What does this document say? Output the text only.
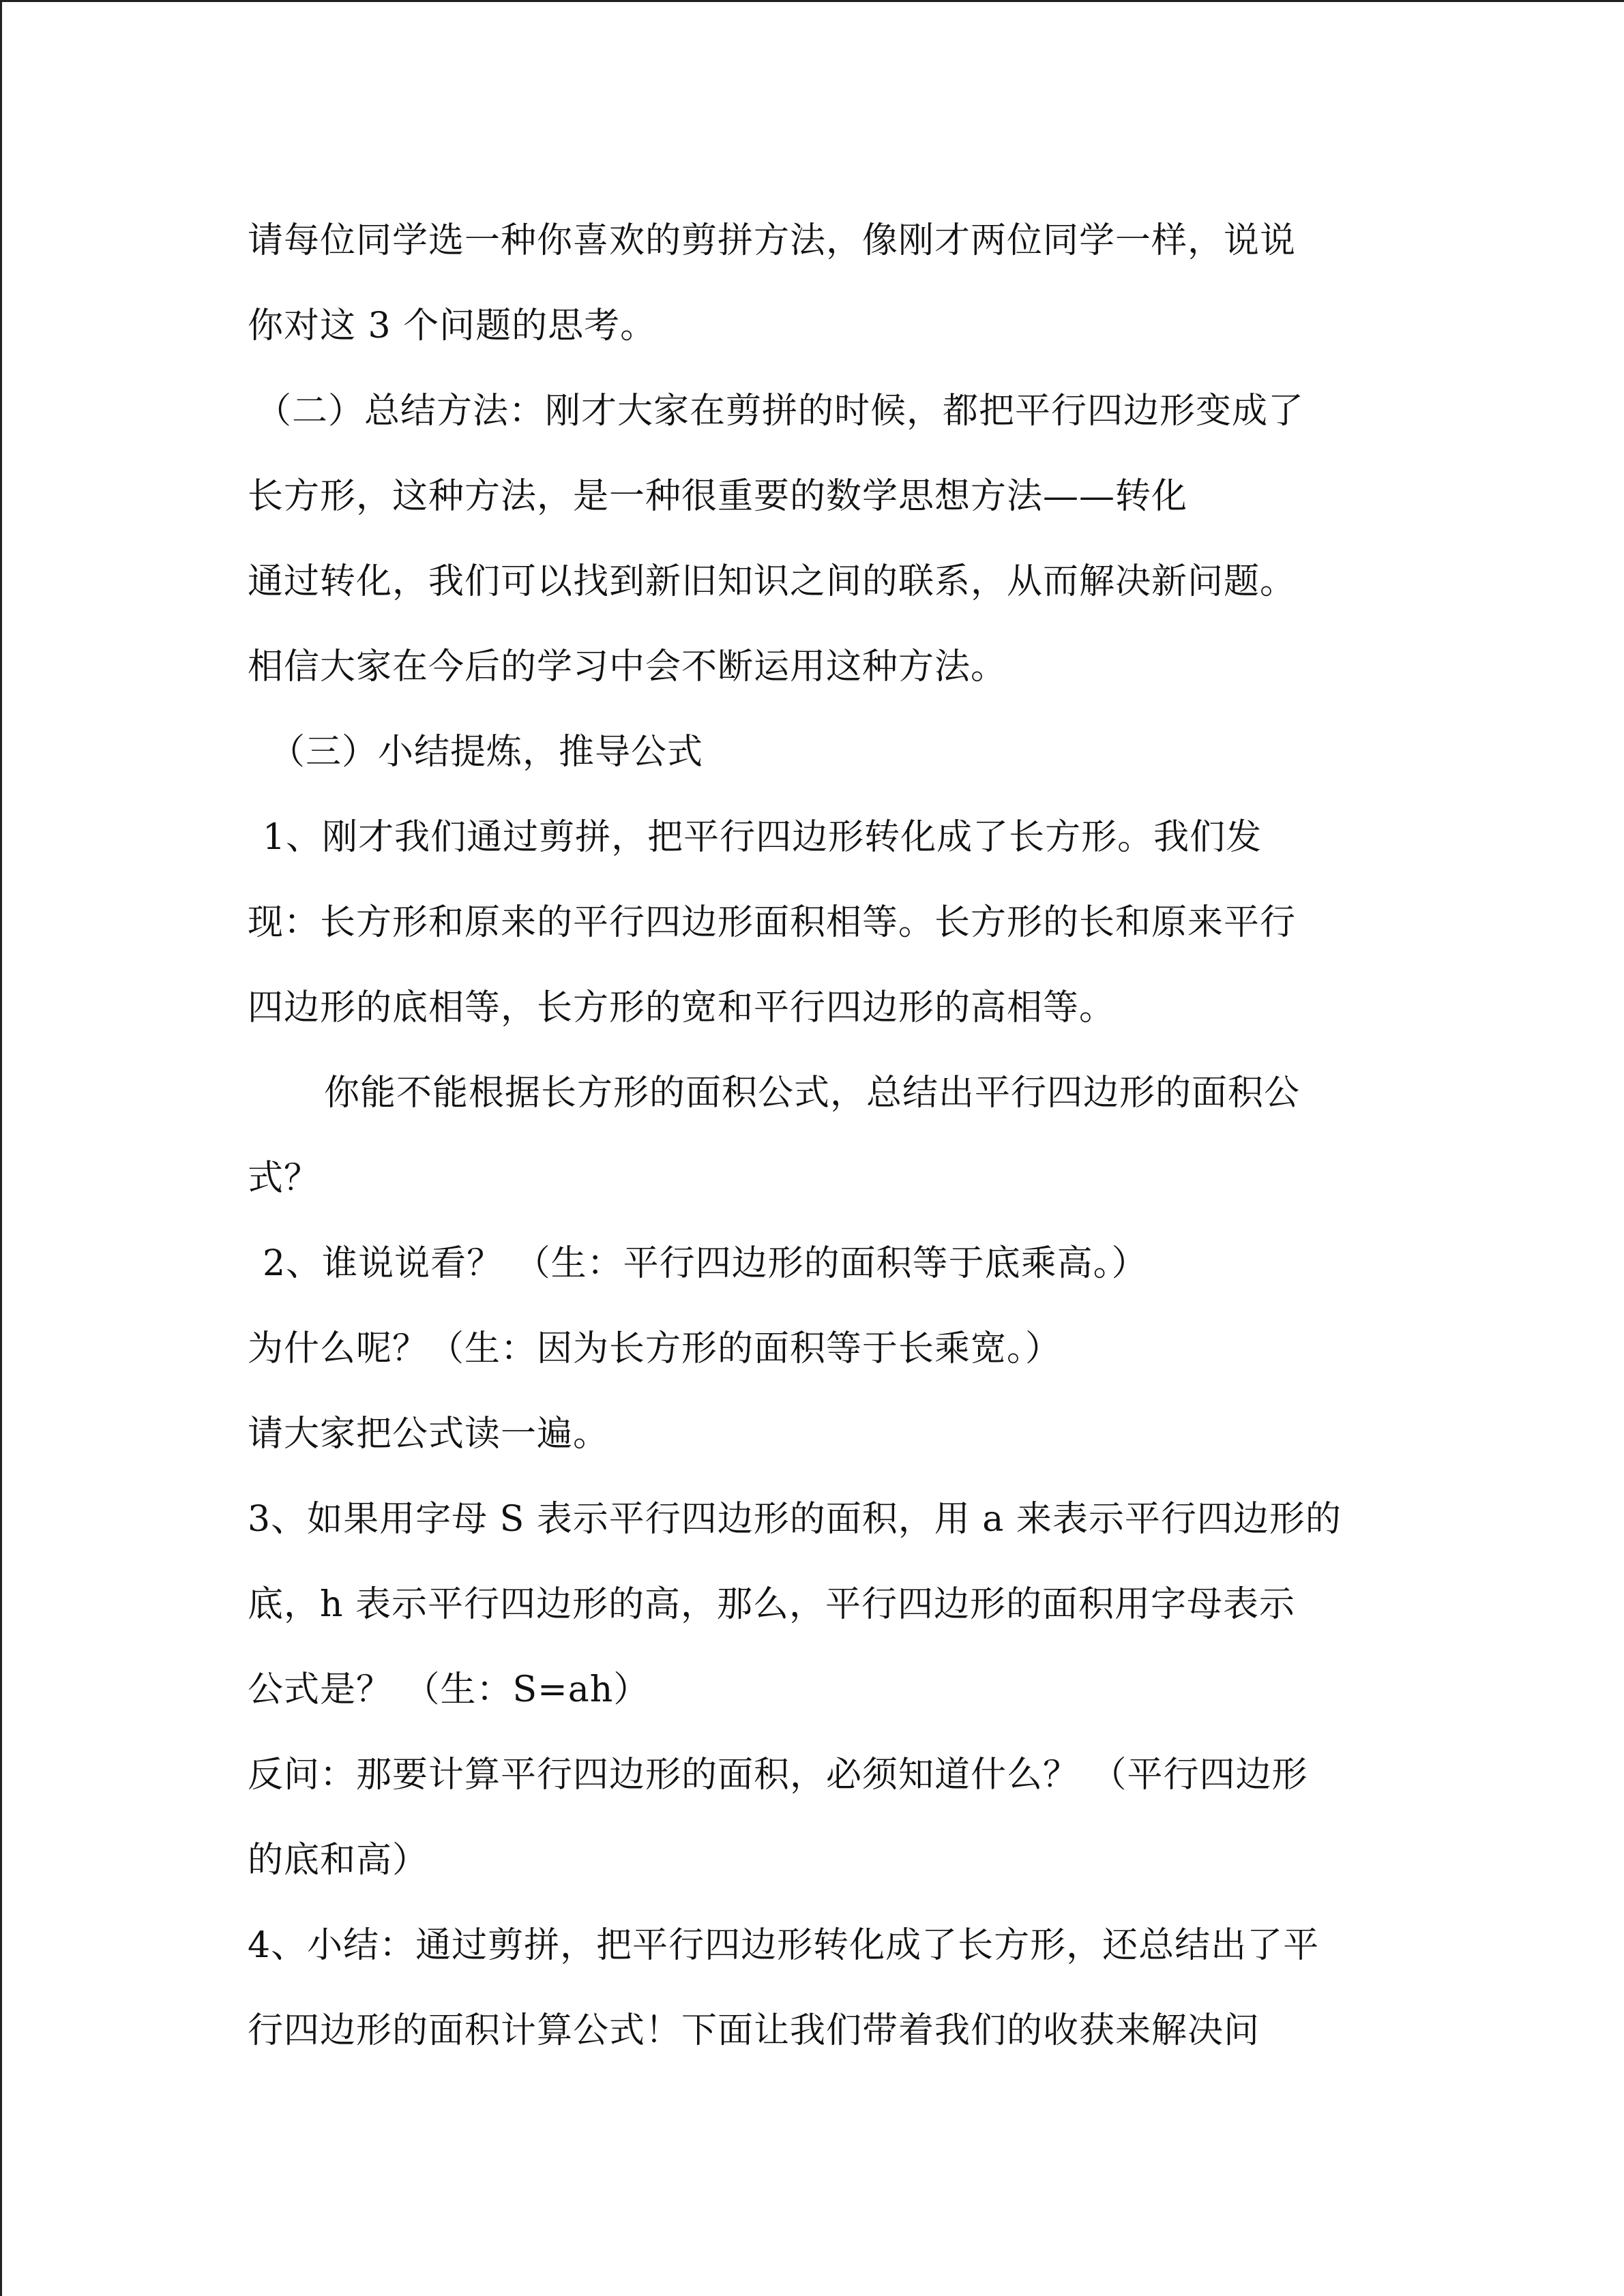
请每位同学选一种你喜欢的剪拼方法，像刚才两位同学一样，说说
你对这 3 个问题的思考。
（二）总结方法：刚才大家在剪拼的时候，都把平行四边形变成了
长方形，这种方法，是一种很重要的数学思想方法——转化
通过转化，我们可以找到新旧知识之间的联系，从而解决新问题。
相信大家在今后的学习中会不断运用这种方法。
（三）小结提炼，推导公式
1、刚才我们通过剪拼，把平行四边形转化成了长方形。我们发
现：长方形和原来的平行四边形面积相等。长方形的长和原来平行
四边形的底相等，长方形的宽和平行四边形的高相等。
你能不能根据长方形的面积公式，总结出平行四边形的面积公
式？
2、谁说说看？ （生：平行四边形的面积等于底乘高。）
为什么呢？（生：因为长方形的面积等于长乘宽。）
请大家把公式读一遍。
3、如果用字母 S 表示平行四边形的面积，用 a 来表示平行四边形的
底，h 表示平行四边形的高，那么，平行四边形的面积用字母表示
公式是？ （生：S=ah）
反问：那要计算平行四边形的面积，必须知道什么？ （平行四边形
的底和高）
4、小结：通过剪拼，把平行四边形转化成了长方形，还总结出了平
行四边形的面积计算公式！下面让我们带着我们的收获来解决问
